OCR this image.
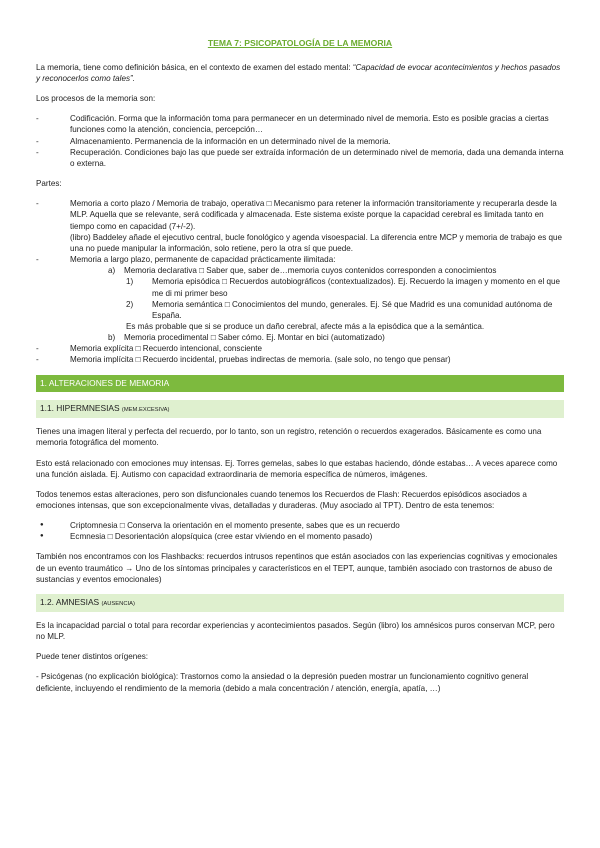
TEMA 7: PSICOPATOLOGÍA DE LA MEMORIA

La memoria, tiene como definición básica, en el contexto de examen del estado mental: “Capacidad de evocar acontecimientos y hechos pasados y reconocerlos como tales”.

Los procesos de la memoria son:

- Codificación. Forma que la información toma para permanecer en un determinado nivel de memoria. Esto es posible gracias a ciertas funciones como la atención, conciencia, percepción…
- Almacenamiento. Permanencia de la información en un determinado nivel de la memoria.
- Recuperación. Condiciones bajo las que puede ser extraída información de un determinado nivel de memoria, dada una demanda interna o externa.

Partes:

- Memoria a corto plazo / Memoria de trabajo, operativa □ Mecanismo para retener la información transitoriamente y recuperarla desde la MLP. Aquella que se relevante, será codificada y almacenada. Este sistema existe porque la capacidad cerebral es limitada tanto en tiempo como en capacidad (7+/-2).
(libro) Baddeley añade el ejecutivo central, bucle fonológico y agenda visoespacial. La diferencia entre MCP y memoria de trabajo es que una no puede manipular la información, solo retiene, pero la otra sí que puede.
- Memoria a largo plazo, permanente de capacidad prácticamente ilimitada:
a) Memoria declarativa □ Saber que, saber de…memoria cuyos contenidos corresponden a conocimientos
1) Memoria episódica □ Recuerdos autobiográficos (contextualizados). Ej. Recuerdo la imagen y momento en el que me di mi primer beso
2) Memoria semántica □ Conocimientos del mundo, generales. Ej. Sé que Madrid es una comunidad autónoma de España.
Es más probable que si se produce un daño cerebral, afecte más a la episódica que a la semántica.
b) Memoria procedimental □ Saber cómo. Ej. Montar en bici (automatizado)
- Memoria explícita □ Recuerdo intencional, consciente
- Memoria implícita □ Recuerdo incidental, pruebas indirectas de memoria. (sale solo, no tengo que pensar)
1. ALTERACIONES DE MEMORIA
1.1. HIPERMNESIAS (MEM.EXCESIVA)

Tienes una imagen literal y perfecta del recuerdo, por lo tanto, son un registro, retención o recuerdos exagerados. Básicamente es como una memoria fotográfica del momento.

Esto está relacionado con emociones muy intensas. Ej. Torres gemelas, sabes lo que estabas haciendo, dónde estabas… A veces aparece como una función aislada. Ej. Autismo con capacidad extraordinaria de memoria específica de números, imágenes.

Todos tenemos estas alteraciones, pero son disfuncionales cuando tenemos los Recuerdos de Flash: Recuerdos episódicos asociados a emociones intensas, que son excepcionalmente vivas, detalladas y duraderas. (Muy asociado al TPT). Dentro de esta tenemos:

● Criptomnesia □ Conserva la orientación en el momento presente, sabes que es un recuerdo
● Ecmnesia □ Desorientación alopsíquica (cree estar viviendo en el momento pasado)

También nos encontramos con los Flashbacks: recuerdos intrusos repentinos que están asociados con las experiencias cognitivas y emocionales de un evento traumático → Uno de los síntomas principales y característicos en el TEPT, aunque, también asociado con trastornos de abuso de sustancias y eventos emocionales)

1.2. AMNESIAS (AUSENCIA)

Es la incapacidad parcial o total para recordar experiencias y acontecimientos pasados. Según (libro) los amnésicos puros conservan MCP, pero no MLP.

Puede tener distintos orígenes:

- Psicógenas (no explicación biológica): Trastornos como la ansiedad o la depresión pueden mostrar un funcionamiento cognitivo general deficiente, incluyendo el rendimiento de la memoria (debido a mala concentración / atención, energía, apatía, …)
